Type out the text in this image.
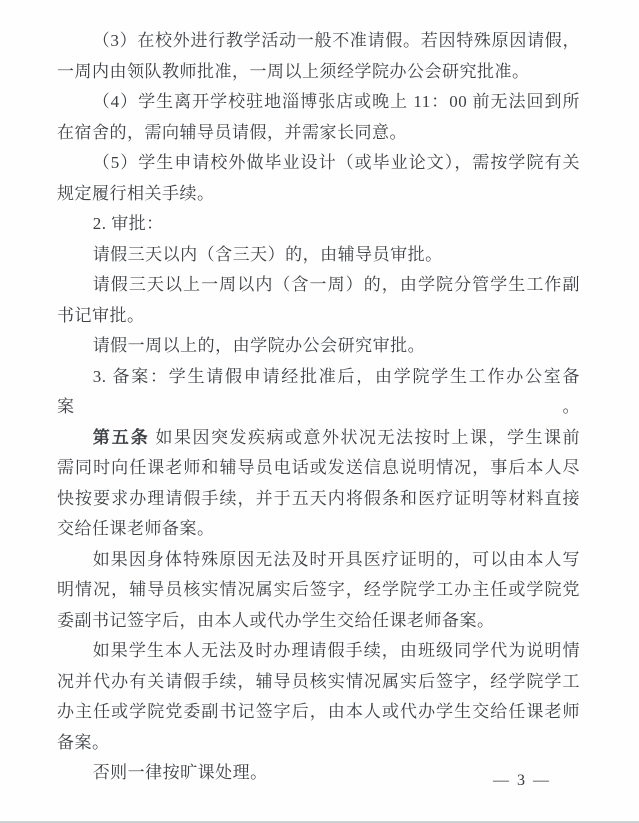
（3）在校外进行教学活动一般不准请假。若因特殊原因请假，
一周内由领队教师批准，一周以上须经学院办公会研究批准。
（4）学生离开学校驻地淄博张店或晚上 11：00 前无法回到所
在宿舍的，需向辅导员请假，并需家长同意。
（5）学生申请校外做毕业设计（或毕业论文），需按学院有关
规定履行相关手续。
2. 审批：
请假三天以内（含三天）的，由辅导员审批。
请假三天以上一周以内（含一周）的，由学院分管学生工作副
书记审批。
请假一周以上的，由学院办公会研究审批。
3. 备案：学生请假申请经批准后，由学院学生工作办公室备案。
第五条 如果因突发疾病或意外状况无法按时上课，学生课前
需同时向任课老师和辅导员电话或发送信息说明情况，事后本人尽
快按要求办理请假手续，并于五天内将假条和医疗证明等材料直接
交给任课老师备案。
如果因身体特殊原因无法及时开具医疗证明的，可以由本人写
明情况，辅导员核实情况属实后签字，经学院学工办主任或学院党
委副书记签字后，由本人或代办学生交给任课老师备案。
如果学生本人无法及时办理请假手续，由班级同学代为说明情
况并代办有关请假手续，辅导员核实情况属实后签字，经学院学工
办主任或学院党委副书记签字后，由本人或代办学生交给任课老师
备案。
否则一律按旷课处理。	— 3 —
